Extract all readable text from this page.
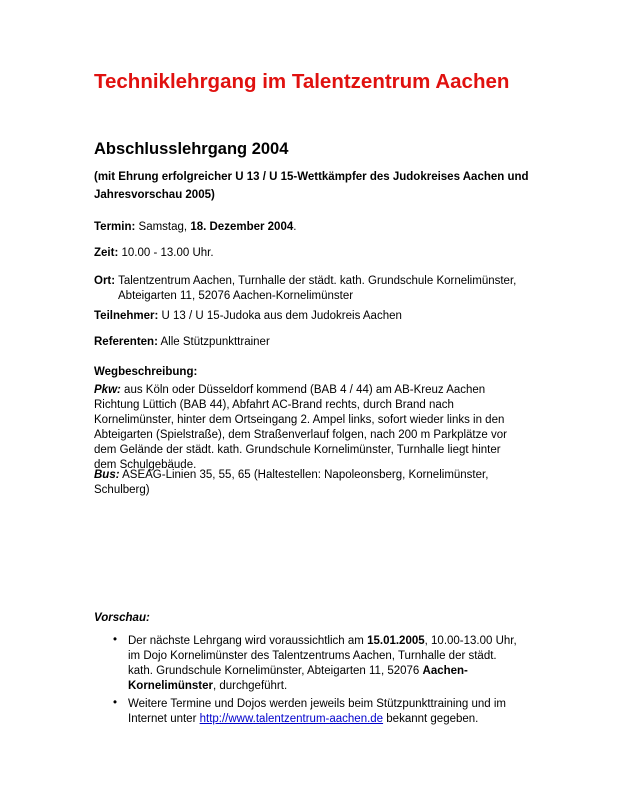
Techniklehrgang im Talentzentrum Aachen
Abschlusslehrgang 2004
(mit Ehrung erfolgreicher U 13 / U 15-Wettkämpfer des Judokreises Aachen und Jahresvorschau 2005)
Termin: Samstag, 18. Dezember 2004.
Zeit: 10.00 - 13.00 Uhr.
Ort: Talentzentrum Aachen, Turnhalle der städt. kath. Grundschule Kornelimünster,
Abteigarten 11, 52076 Aachen-Kornelimünster
Teilnehmer: U 13 / U 15-Judoka aus dem Judokreis Aachen
Referenten: Alle Stützpunkttrainer
Wegbeschreibung:
Pkw: aus Köln oder Düsseldorf kommend (BAB 4 / 44) am AB-Kreuz Aachen Richtung Lüttich (BAB 44), Abfahrt AC-Brand rechts, durch Brand nach Kornelimünster, hinter dem Ortseingang 2. Ampel links, sofort wieder links in den Abteigarten (Spielstraße), dem Straßenverlauf folgen, nach 200 m Parkplätze vor dem Gelände der städt. kath. Grundschule Kornelimünster, Turnhalle liegt hinter dem Schulgebäude.
Bus: ASEAG-Linien 35, 55, 65 (Haltestellen: Napoleonsberg, Kornelimünster, Schulberg)
Vorschau:
• Der nächste Lehrgang wird voraussichtlich am 15.01.2005, 10.00-13.00 Uhr, im Dojo Kornelimünster des Talentzentrums Aachen, Turnhalle der städt. kath. Grundschule Kornelimünster, Abteigarten 11, 52076 Aachen-Kornelimünster, durchgeführt.
• Weitere Termine und Dojos werden jeweils beim Stützpunkttraining und im Internet unter http://www.talentzentrum-aachen.de bekannt gegeben.
